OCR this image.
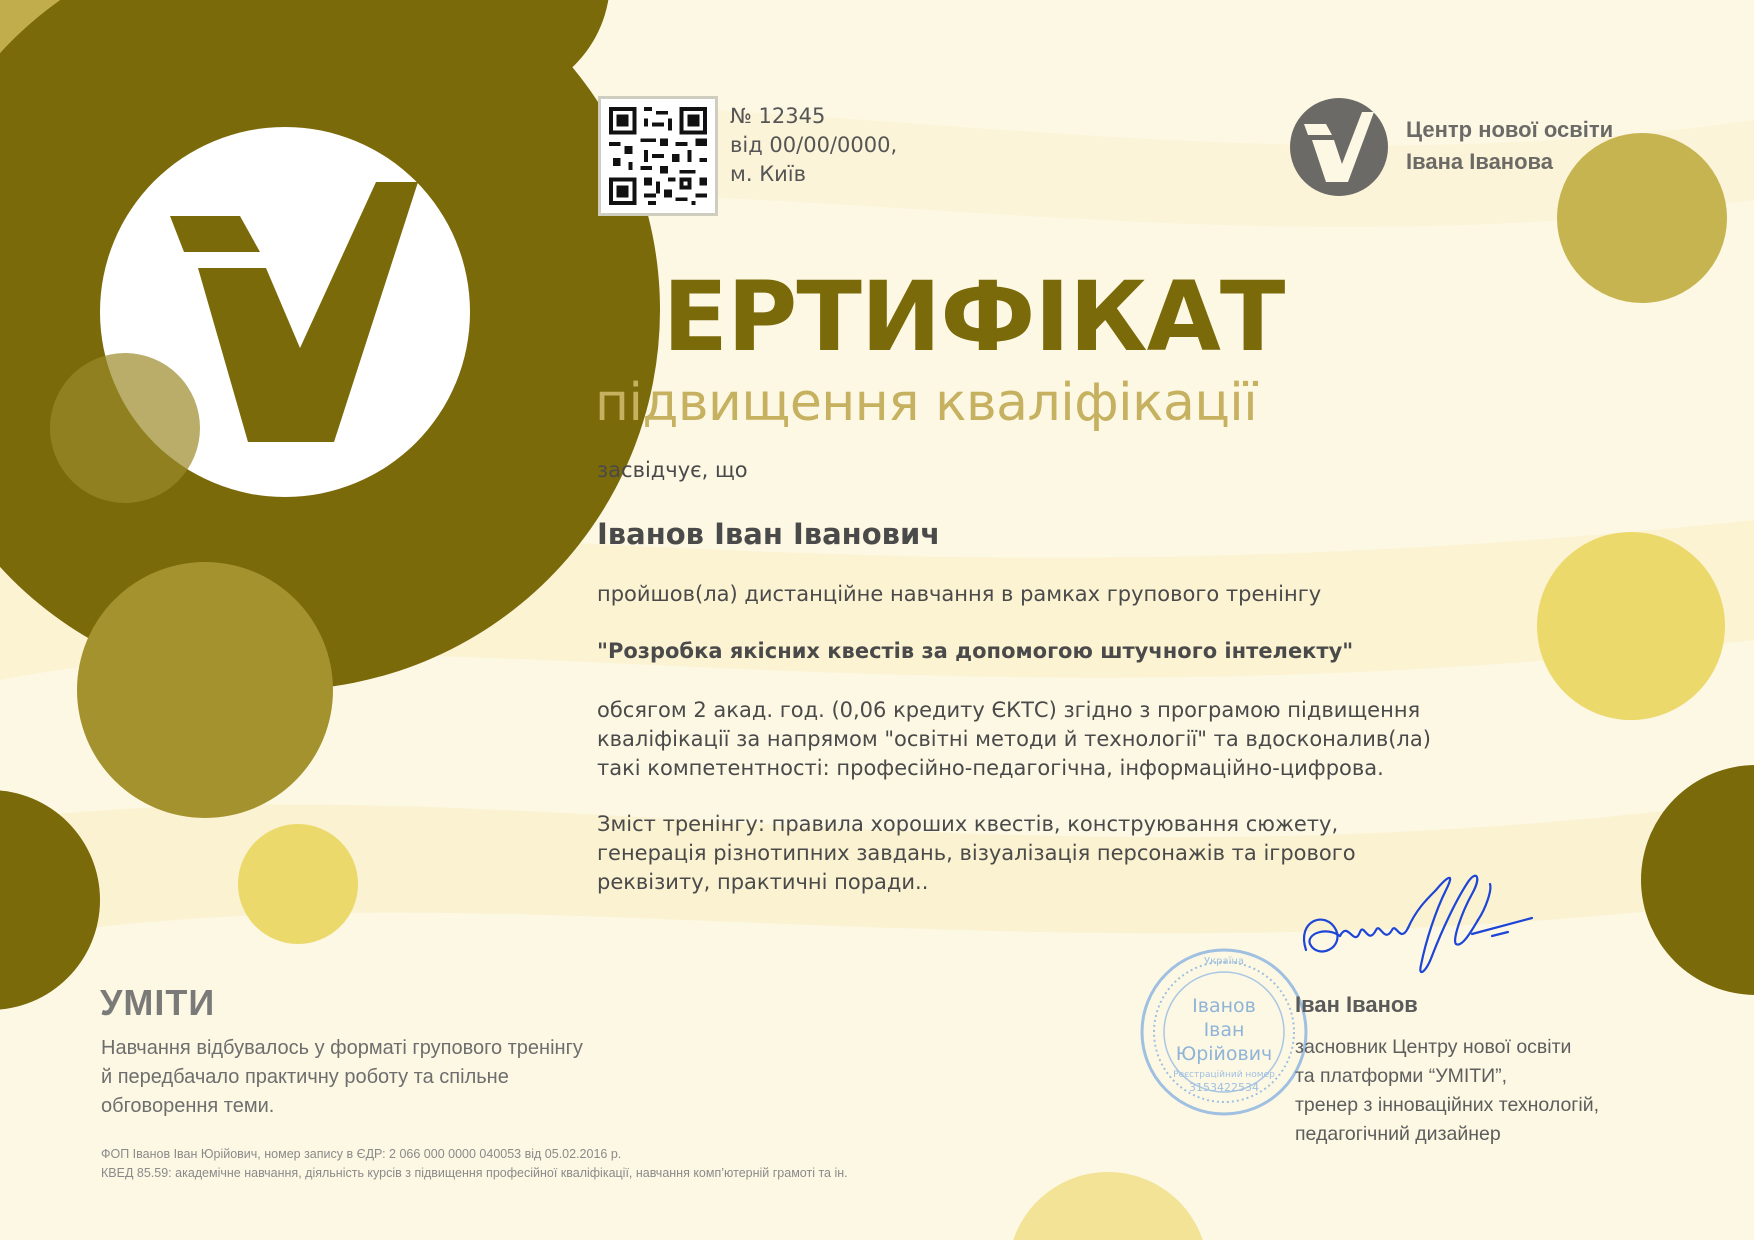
№ 12345
від 00/00/0000,
м. Київ
Центр нової освіти
Івана Іванова
СЕРТИФІКАТ
підвищення кваліфікації
засвідчує, що
Іванов Іван Іванович
пройшов(ла) дистанційне навчання в рамках групового тренінгу
"Розробка якісних квестів за допомогою штучного інтелекту"
обсягом 2 акад. год. (0,06 кредиту ЄКТС) згідно з програмою підвищення
кваліфікації за напрямом "освітні методи й технології" та вдосконалив(ла)
такі компетентності: професійно-педагогічна, інформаційно-цифрова.
Зміст тренінгу: правила хороших квестів, конструювання сюжету,
генерація різнотипних завдань, візуалізація персонажів та ігрового
реквізиту, практичні поради..
УМІТИ
Навчання відбувалось у форматі групового тренінгу
й передбачало практичну роботу та спільне
обговорення теми.
ФОП Іванов Іван Юрійович, номер запису в ЄДР: 2 066 000 0000 040053 від 05.02.2016 р.
КВЕД 85.59: академічне навчання, діяльність курсів з підвищення професійної кваліфікації, навчання комп’ютерній грамоті та ін.
Україна
Іванов
Іван
Юрійович
Реєстраційний номер
3153422534
Іван Іванов
засновник Центру нової освіти
та платформи “УМІТИ”,
тренер з інноваційних технологій,
педагогічний дизайнер
